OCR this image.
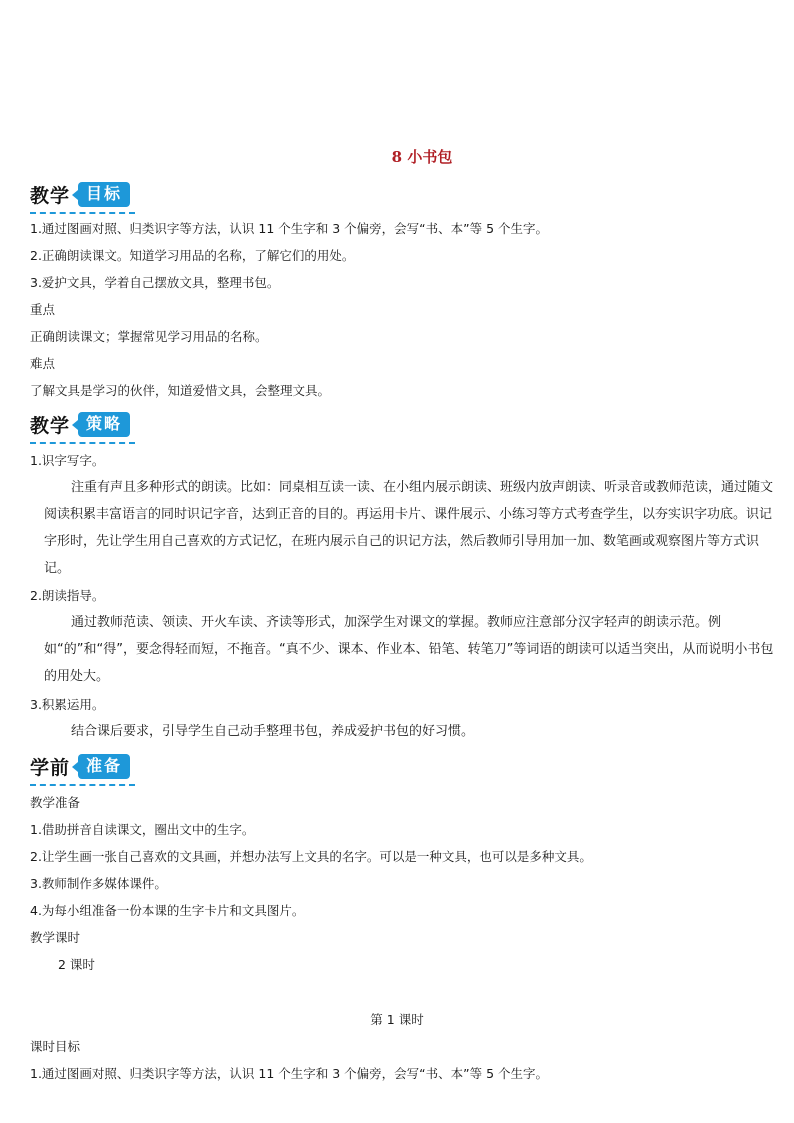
8 小书包
教学	目标
1.通过图画对照、归类识字等方法，认识 11 个生字和 3 个偏旁，会写“书、本”等 5 个生字。
2.正确朗读课文。知道学习用品的名称，了解它们的用处。
3.爱护文具，学着自己摆放文具，整理书包。
重点
正确朗读课文；掌握常见学习用品的名称。
难点
了解文具是学习的伙伴，知道爱惜文具，会整理文具。
教学	策略
1.识字写字。
注重有声且多种形式的朗读。比如：同桌相互读一读、在小组内展示朗读、班级内放声朗读、听录音或教师范读，通过随文阅读积累丰富语言的同时识记字音，达到正音的目的。再运用卡片、课件展示、小练习等方式考查学生，以夯实识字功底。识记字形时，先让学生用自己喜欢的方式记忆，在班内展示自己的识记方法，然后教师引导用加一加、数笔画或观察图片等方式识记。
2.朗读指导。
通过教师范读、领读、开火车读、齐读等形式，加深学生对课文的掌握。教师应注意部分汉字轻声的朗读示范。例如“的”和“得”，要念得轻而短，不拖音。“真不少、课本、作业本、铅笔、转笔刀”等词语的朗读可以适当突出，从而说明小书包的用处大。
3.积累运用。
结合课后要求，引导学生自己动手整理书包，养成爱护书包的好习惯。
学前	准备
教学准备
1.借助拼音自读课文，圈出文中的生字。
2.让学生画一张自己喜欢的文具画，并想办法写上文具的名字。可以是一种文具，也可以是多种文具。
3.教师制作多媒体课件。
4.为每小组准备一份本课的生字卡片和文具图片。
教学课时
2 课时
第 1 课时
课时目标
1.通过图画对照、归类识字等方法，认识 11 个生字和 3 个偏旁，会写“书、本”等 5 个生字。
